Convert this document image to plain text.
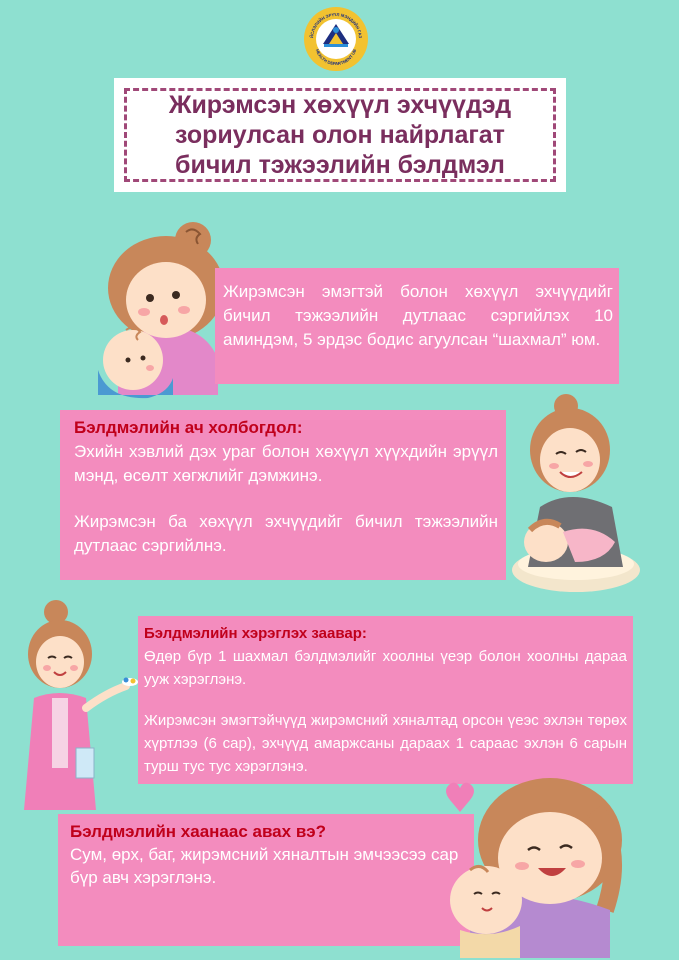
ЙСЛЭЛИЙН ЭРҮҮЛ МЭНДИЙН ГАЗ
HEALTH DEPARTMENT UB
Жирэмсэн хөхүүл эхчүүдэд
зориулсан олон найрлагат
бичил тэжээлийн бэлдмэл

Жирэмсэн эмэгтэй болон хөхүүл эхчүүдийг бичил тэжээлийн дутлаас сэргийлэх 10 аминдэм, 5 эрдэс бодис агуулсан “шахмал” юм.

Бэлдмэлийн ач холбогдол:

Эхийн хэвлий дэх ураг болон хөхүүл хүүхдийн эрүүл мэнд, өсөлт хөгжлийг дэмжинэ.

Жирэмсэн ба хөхүүл эхчүүдийг бичил тэжээлийн дутлаас сэргийлнэ.

Бэлдмэлийн хэрэглэх заавар:

Өдөр бүр 1 шахмал бэлдмэлийг хоолны үеэр болон хоолны дараа ууж хэрэглэнэ.

Жирэмсэн эмэгтэйчүүд жирэмсний хяналтад орсон үеэс эхлэн төрөх хүртлээ (6 сар), эхчүүд амаржсаны дараах 1 сараас эхлэн 6 сарын турш тус тус хэрэглэнэ.

Бэлдмэлийн хаанаас авах вэ?

Сум, өрх, баг, жирэмсний хяналтын эмчээсээ сар бүр авч хэрэглэнэ.
